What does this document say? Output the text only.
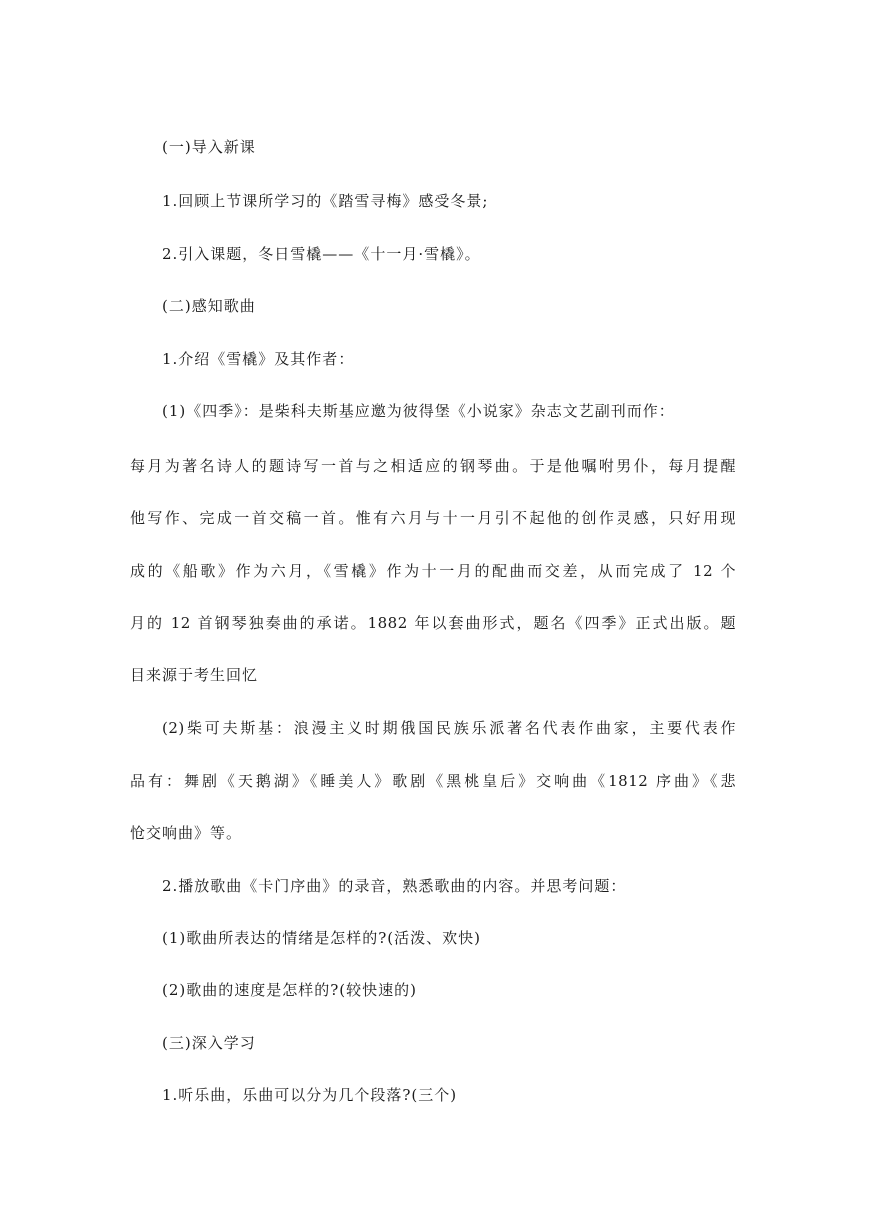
(一)导入新课
1.回顾上节课所学习的《踏雪寻梅》感受冬景;
2.引入课题，冬日雪橇——《十一月·雪橇》。
(二)感知歌曲
1.介绍《雪橇》及其作者：
(1)《四季》：是柴科夫斯基应邀为彼得堡《小说家》杂志文艺副刊而作：
每月为著名诗人的题诗写一首与之相适应的钢琴曲。于是他嘱咐男仆，每月提醒
他写作、完成一首交稿一首。惟有六月与十一月引不起他的创作灵感，只好用现
成的《船歌》作为六月，《雪橇》作为十一月的配曲而交差，从而完成了 12 个
月的 12 首钢琴独奏曲的承诺。1882 年以套曲形式，题名《四季》正式出版。题
目来源于考生回忆
(2)柴可夫斯基：浪漫主义时期俄国民族乐派著名代表作曲家，主要代表作
品有：舞剧《天鹅湖》《睡美人》歌剧《黑桃皇后》交响曲《1812 序曲》《悲
怆交响曲》等。
2.播放歌曲《卡门序曲》的录音，熟悉歌曲的内容。并思考问题：
(1)歌曲所表达的情绪是怎样的?(活泼、欢快)
(2)歌曲的速度是怎样的?(较快速的)
(三)深入学习
1.听乐曲，乐曲可以分为几个段落?(三个)
